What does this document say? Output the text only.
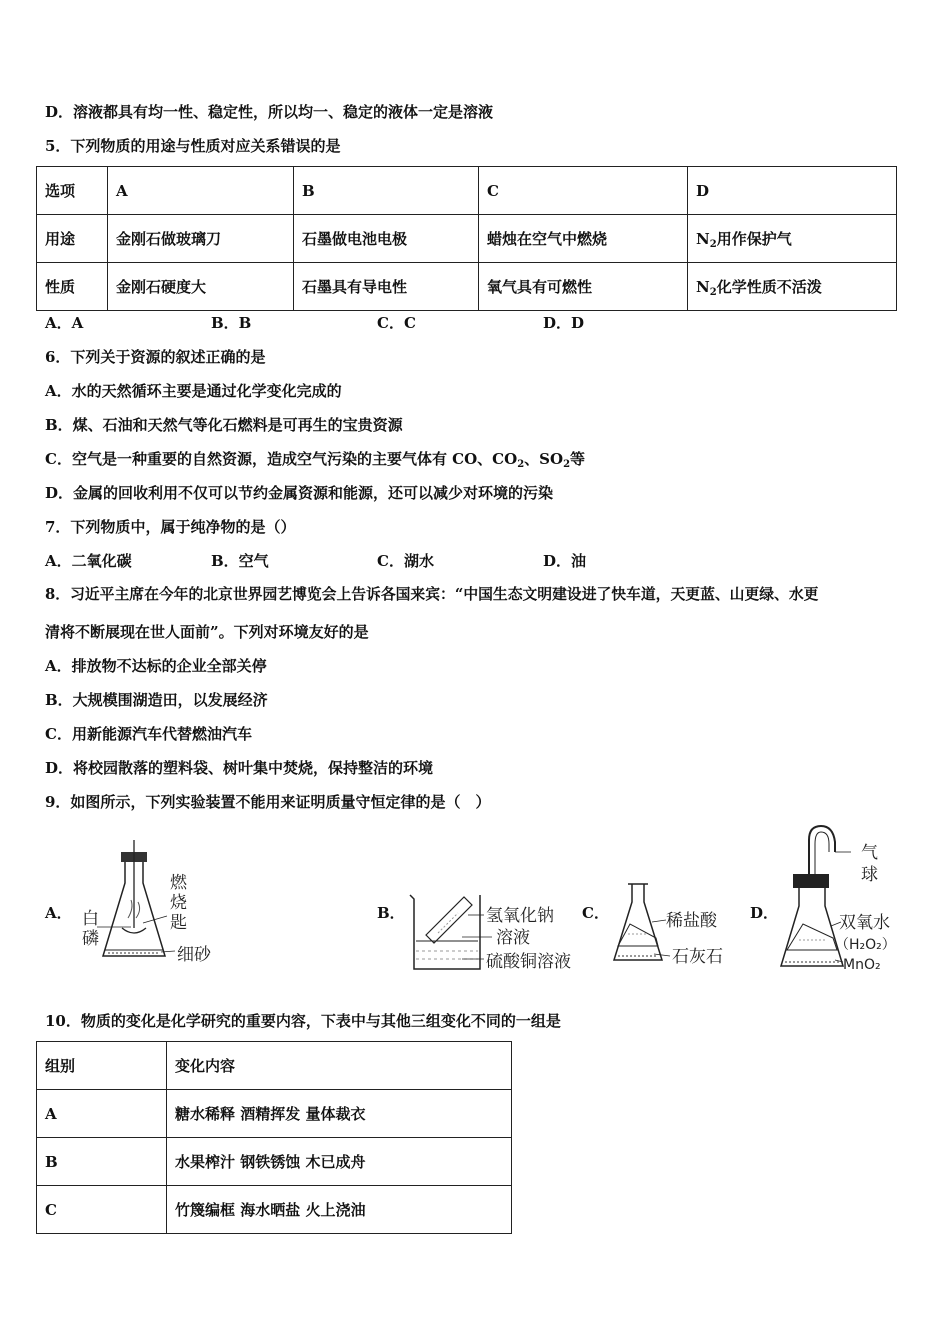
D．溶液都具有均一性、稳定性，所以均一、稳定的液体一定是溶液
5．下列物质的用途与性质对应关系错误的是
选项	A	B	C	D
用途	金刚石做玻璃刀	石墨做电池电极	蜡烛在空气中燃烧	$N_2$用作保护气
性质	金刚石硬度大	石墨具有导电性	氧气具有可燃性	$N_2$化学性质不活泼
A．A	B．B	C．C	D．D
6．下列关于资源的叙述正确的是
A．水的天然循环主要是通过化学变化完成的
B．煤、石油和天然气等化石燃料是可再生的宝贵资源
C．空气是一种重要的自然资源，造成空气污染的主要气体有 CO、$CO_2$、$SO_2$等
D．金属的回收利用不仅可以节约金属资源和能源，还可以减少对环境的污染
7．下列物质中，属于纯净物的是（）
A．二氧化碳	B．空气	C．湖水	D．油
8．习近平主席在今年的北京世界园艺博览会上告诉各国来宾：“中国生态文明建设进了快车道，天更蓝、山更绿、水更
清将不断展现在世人面前”。下列对环境友好的是
A．排放物不达标的企业全部关停
B．大规模围湖造田，以发展经济
C．用新能源汽车代替燃油汽车
D．将校园散落的塑料袋、树叶集中焚烧，保持整洁的环境
9．如图所示，下列实验装置不能用来证明质量守恒定律的是（　）
A． 白
磷
燃
烧
匙
细砂
B．	氢氧化钠
溶液
硫酸铜溶液
C．	稀盐酸
石灰石
D．
气
球
双氧水
（H₂O₂）
MnO₂
10．物质的变化是化学研究的重要内容，下表中与其他三组变化不同的一组是
组别	变化内容
A	糖水稀释 酒精挥发 量体裁衣
B	水果榨汁 钢铁锈蚀 木已成舟
C	竹篾编框 海水晒盐 火上浇油
